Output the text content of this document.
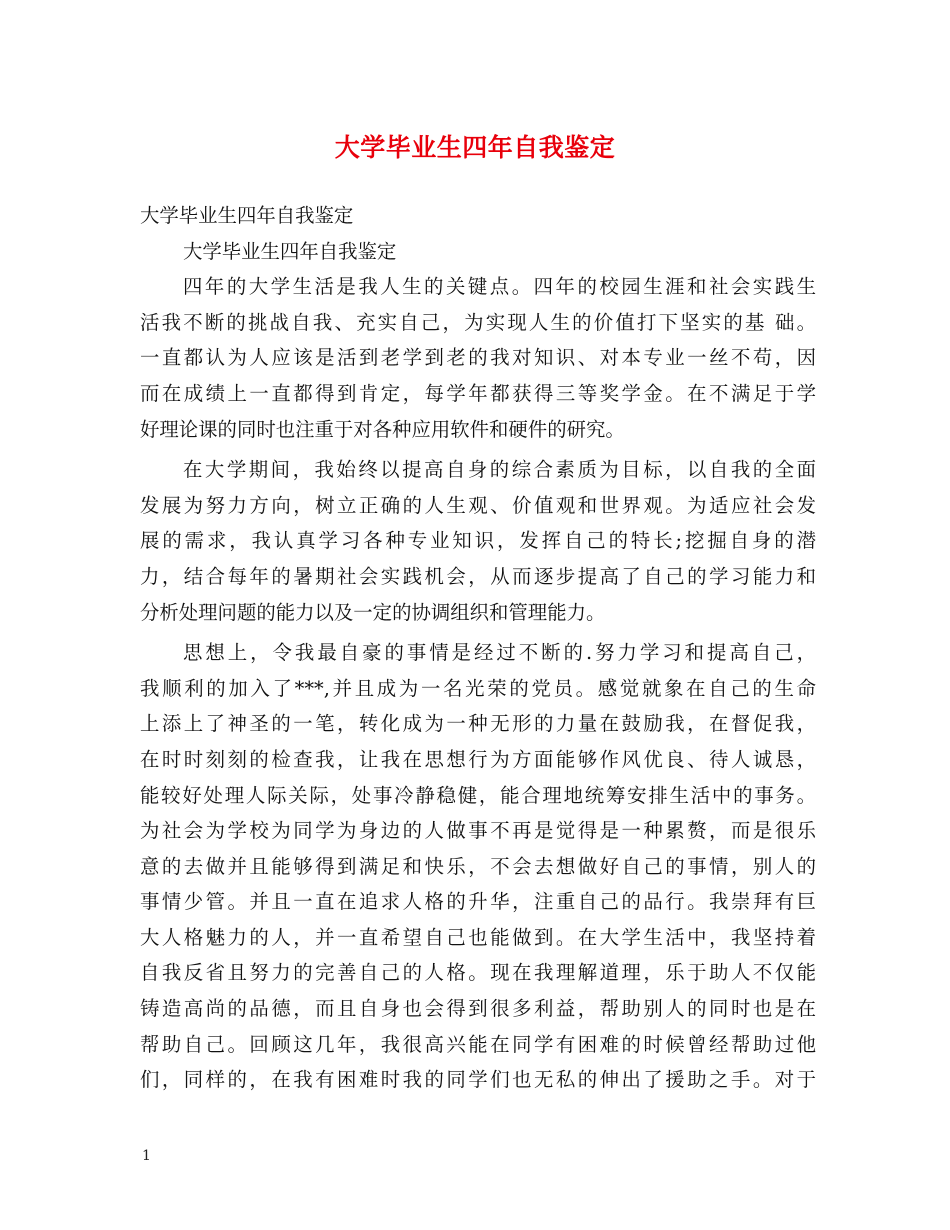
大学毕业生四年自我鉴定
大学毕业生四年自我鉴定
大学毕业生四年自我鉴定
四年的大学生活是我人生的关键点。四年的校园生涯和社会实践生
活我不断的挑战自我、充实自己，为实现人生的价值打下坚实的基 础。
一直都认为人应该是活到老学到老的我对知识、对本专业一丝不苟，因
而在成绩上一直都得到肯定，每学年都获得三等奖学金。在不满足于学
好理论课的同时也注重于对各种应用软件和硬件的研究。
在大学期间，我始终以提高自身的综合素质为目标，以自我的全面
发展为努力方向，树立正确的人生观、价值观和世界观。为适应社会发
展的需求，我认真学习各种专业知识，发挥自己的特长;挖掘自身的潜
力，结合每年的暑期社会实践机会，从而逐步提高了自己的学习能力和
分析处理问题的能力以及一定的协调组织和管理能力。
思想上，令我最自豪的事情是经过不断的.努力学习和提高自己，
我顺利的加入了***,并且成为一名光荣的党员。感觉就象在自己的生命
上添上了神圣的一笔，转化成为一种无形的力量在鼓励我，在督促我，
在时时刻刻的检查我，让我在思想行为方面能够作风优良、待人诚恳，
能较好处理人际关际，处事冷静稳健，能合理地统筹安排生活中的事务。
为社会为学校为同学为身边的人做事不再是觉得是一种累赘，而是很乐
意的去做并且能够得到满足和快乐，不会去想做好自己的事情，别人的
事情少管。并且一直在追求人格的升华，注重自己的品行。我崇拜有巨
大人格魅力的人，并一直希望自己也能做到。在大学生活中，我坚持着
自我反省且努力的完善自己的人格。现在我理解道理，乐于助人不仅能
铸造高尚的品德，而且自身也会得到很多利益，帮助别人的同时也是在
帮助自己。回顾这几年，我很高兴能在同学有困难的时候曾经帮助过他
们，同样的，在我有困难时我的同学们也无私的伸出了援助之手。对于
1
